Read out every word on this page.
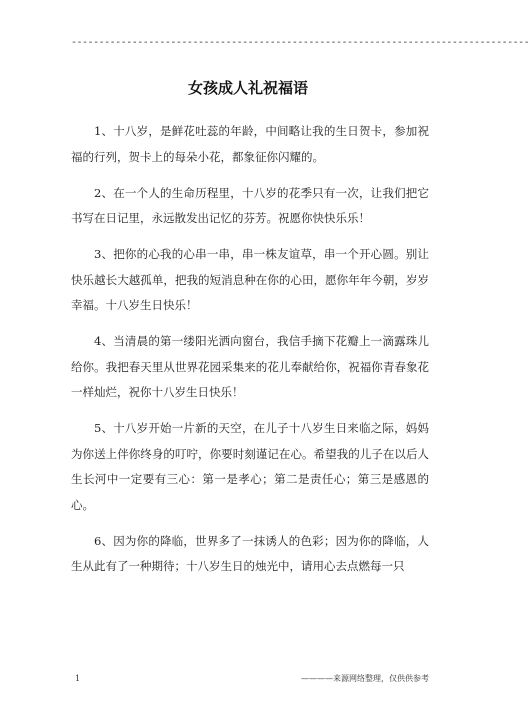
-----------------------------------------------------------------------------------
女孩成人礼祝福语

1、十八岁，是鲜花吐蕊的年龄，中间略让我的生日贺卡，参加祝福的行列，贺卡上的每朵小花，都象征你闪耀的。

2、在一个人的生命历程里，十八岁的花季只有一次，让我们把它书写在日记里，永远散发出记忆的芬芳。祝愿你快快乐乐！

3、把你的心我的心串一串，串一株友谊草，串一个开心圆。别让快乐越长大越孤单，把我的短消息种在你的心田，愿你年年今朝，岁岁幸福。十八岁生日快乐！

4、当清晨的第一缕阳光洒向窗台，我信手摘下花瓣上一滴露珠儿给你。我把春天里从世界花园采集来的花儿奉献给你，祝福你青春象花一样灿烂，祝你十八岁生日快乐！

5、十八岁开始一片新的天空，在儿子十八岁生日来临之际，妈妈为你送上伴你终身的叮咛，你要时刻谨记在心。希望我的儿子在以后人生长河中一定要有三心：第一是孝心；第二是责任心；第三是感恩的心。

6、因为你的降临，世界多了一抹诱人的色彩；因为你的降临，人生从此有了一种期待；十八岁生日的烛光中，请用心去点燃每一只

1	————来源网络整理，仅供供参考
